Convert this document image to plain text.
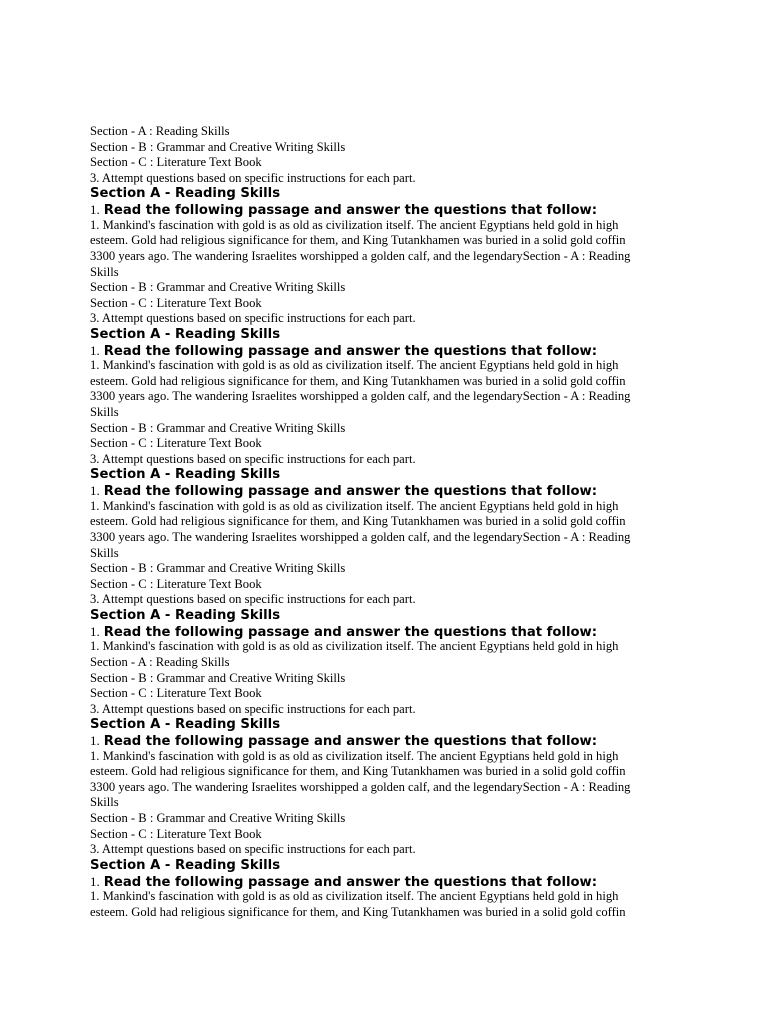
Section - A : Reading Skills
Section - B : Grammar and Creative Writing Skills
Section - C : Literature Text Book
3. Attempt questions based on specific instructions for each part.
Section A - Reading Skills
1. Read the following passage and answer the questions that follow:
1. Mankind's fascination with gold is as old as civilization itself. The ancient Egyptians held gold in high
esteem. Gold had religious significance for them, and King Tutankhamen was buried in a solid gold coffin
3300 years ago. The wandering Israelites worshipped a golden calf, and the legendarySection - A : Reading
Skills
Section - B : Grammar and Creative Writing Skills
Section - C : Literature Text Book
3. Attempt questions based on specific instructions for each part.
Section A - Reading Skills
1. Read the following passage and answer the questions that follow:
1. Mankind's fascination with gold is as old as civilization itself. The ancient Egyptians held gold in high
esteem. Gold had religious significance for them, and King Tutankhamen was buried in a solid gold coffin
3300 years ago. The wandering Israelites worshipped a golden calf, and the legendarySection - A : Reading
Skills
Section - B : Grammar and Creative Writing Skills
Section - C : Literature Text Book
3. Attempt questions based on specific instructions for each part.
Section A - Reading Skills
1. Read the following passage and answer the questions that follow:
1. Mankind's fascination with gold is as old as civilization itself. The ancient Egyptians held gold in high
esteem. Gold had religious significance for them, and King Tutankhamen was buried in a solid gold coffin
3300 years ago. The wandering Israelites worshipped a golden calf, and the legendarySection - A : Reading
Skills
Section - B : Grammar and Creative Writing Skills
Section - C : Literature Text Book
3. Attempt questions based on specific instructions for each part.
Section A - Reading Skills
1. Read the following passage and answer the questions that follow:
1. Mankind's fascination with gold is as old as civilization itself. The ancient Egyptians held gold in high
Section - A : Reading Skills
Section - B : Grammar and Creative Writing Skills
Section - C : Literature Text Book
3. Attempt questions based on specific instructions for each part.
Section A - Reading Skills
1. Read the following passage and answer the questions that follow:
1. Mankind's fascination with gold is as old as civilization itself. The ancient Egyptians held gold in high
esteem. Gold had religious significance for them, and King Tutankhamen was buried in a solid gold coffin
3300 years ago. The wandering Israelites worshipped a golden calf, and the legendarySection - A : Reading
Skills
Section - B : Grammar and Creative Writing Skills
Section - C : Literature Text Book
3. Attempt questions based on specific instructions for each part.
Section A - Reading Skills
1. Read the following passage and answer the questions that follow:
1. Mankind's fascination with gold is as old as civilization itself. The ancient Egyptians held gold in high
esteem. Gold had religious significance for them, and King Tutankhamen was buried in a solid gold coffin
